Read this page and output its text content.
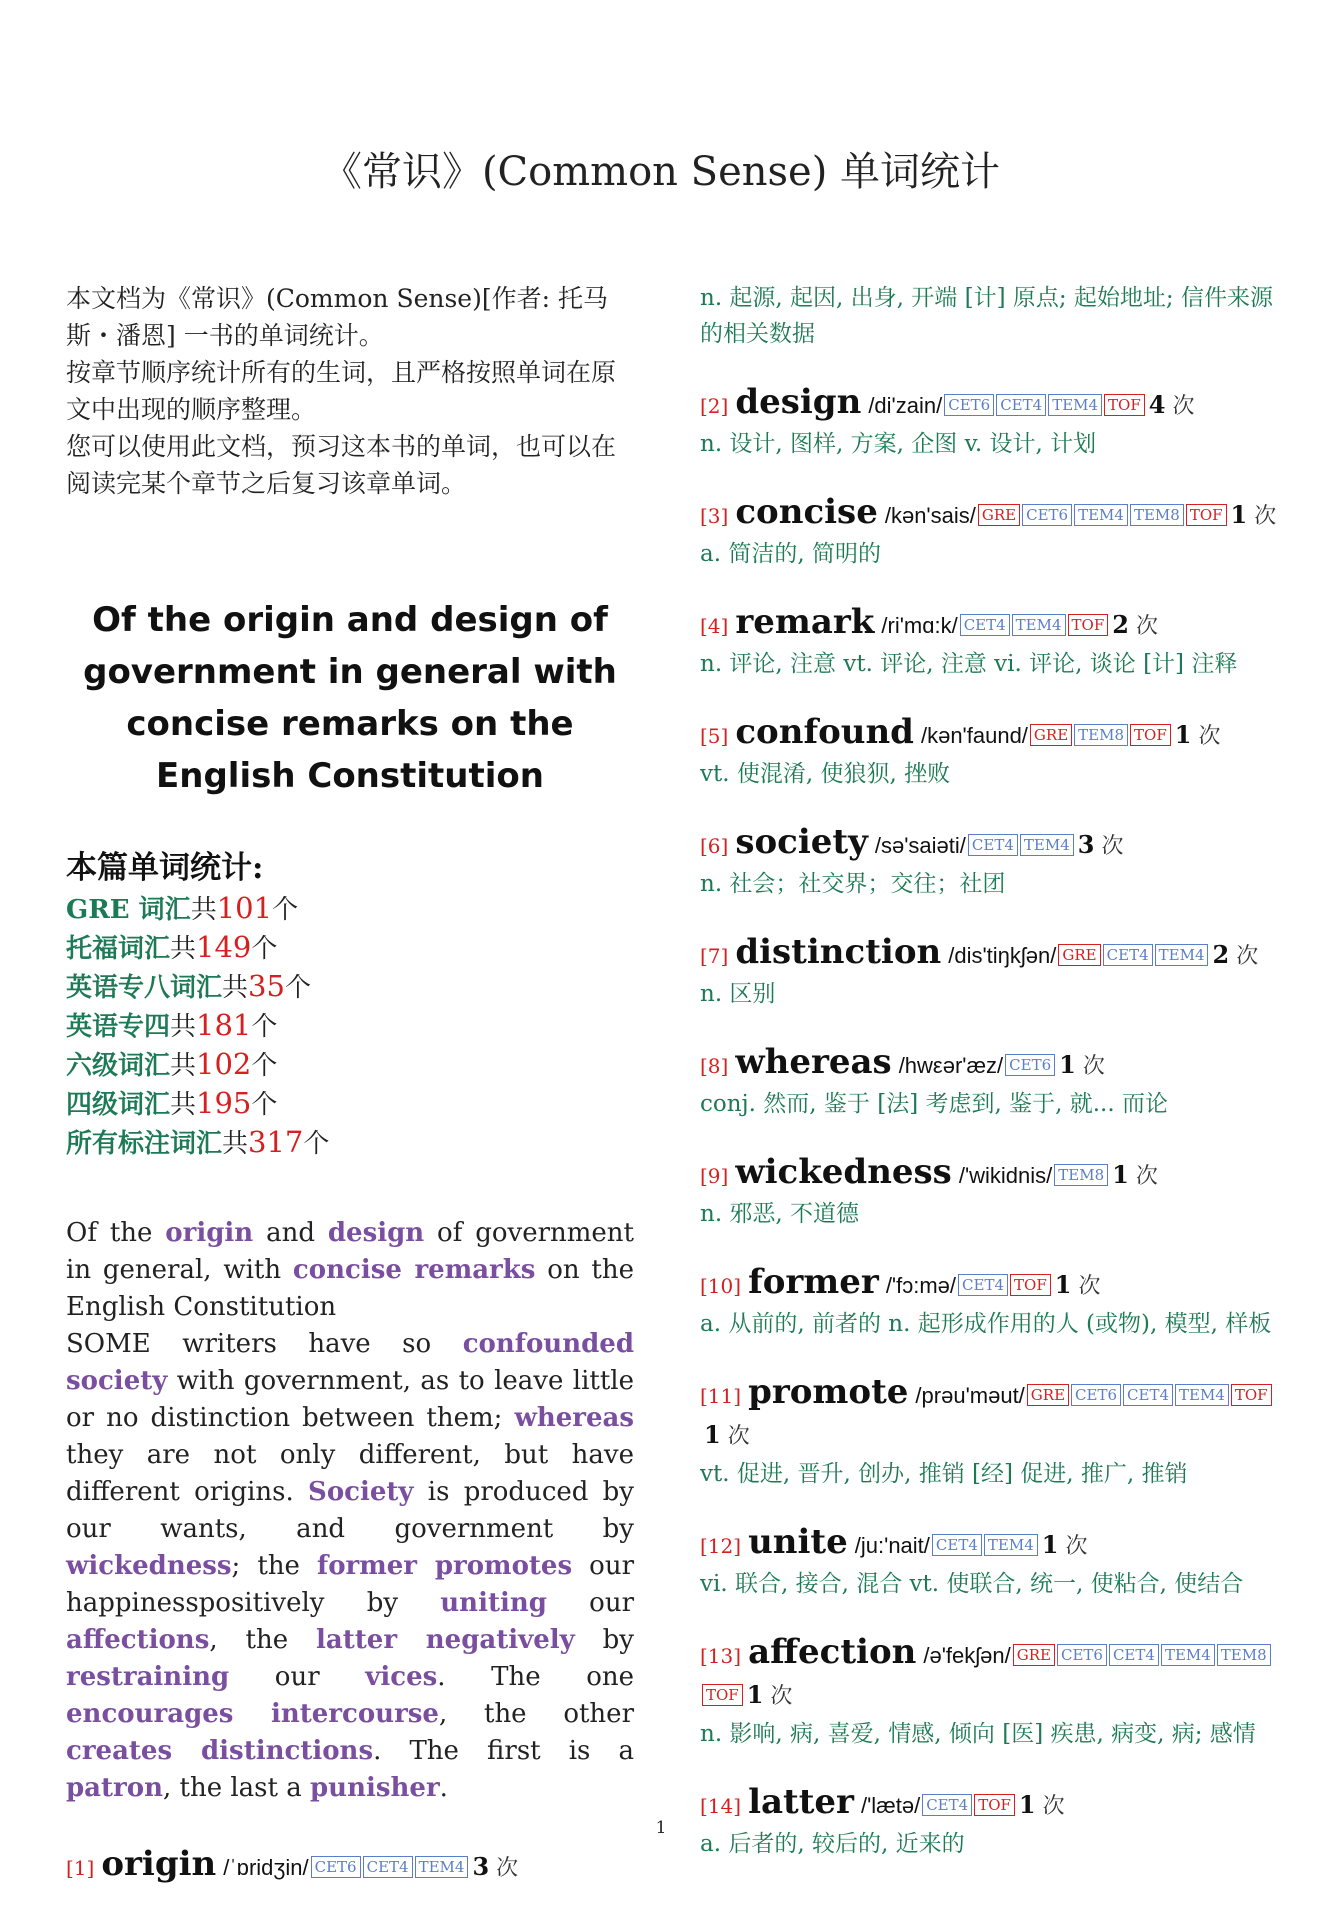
《常识》(Common Sense) 单词统计

本文档为《常识》(Common Sense)[作者: 托马斯・潘恩] 一书的单词统计。

按章节顺序统计所有的生词，且严格按照单词在原文中出现的顺序整理。

您可以使用此文档，预习这本书的单词，也可以在阅读完某个章节之后复习该章单词。

Of the origin and design of government in general with concise remarks on the English Constitution
本篇单词统计:
GRE 词汇共101个
托福词汇共149个
英语专八词汇共35个
英语专四共181个
六级词汇共102个
四级词汇共195个
所有标注词汇共317个
Of the origin and design of government in general, with concise remarks on the English Constitution
SOME writers have so confounded society with government, as to leave little or no distinction between them; whereas they are not only different, but have different origins. Society is produced by our wants, and government by wickedness; the former promotes our happinesspositively by uniting our affections, the latter negatively by restraining our vices. The one encourages intercourse, the other creates distinctions. The first is a patron, the last a punisher.
[1] origin /ˈɒridʒin/ CET6 CET4 TEM4 3 次
n. 起源, 起因, 出身, 开端 [计] 原点; 起始地址; 信件来源的相关数据
[2] design /di'zain/ CET6 CET4 TEM4 TOF 4 次
n. 设计, 图样, 方案, 企图 v. 设计, 计划
[3] concise /kən'sais/ GRE CET6 TEM4 TEM8 TOF 1 次
a. 简洁的, 简明的
[4] remark /ri'mɑ:k/ CET4 TEM4 TOF 2 次
n. 评论, 注意 vt. 评论, 注意 vi. 评论, 谈论 [计] 注释
[5] confound /kən'faund/ GRE TEM8 TOF 1 次
vt. 使混淆, 使狼狈, 挫败
[6] society /sə'saiəti/ CET4 TEM4 3 次
n. 社会；社交界；交往；社团
[7] distinction /dis'tiŋkʃən/ GRE CET4 TEM4 2 次
n. 区别
[8] whereas /hwεər'æz/ CET6 1 次
conj. 然而, 鉴于 [法] 考虑到, 鉴于, 就... 而论
[9] wickedness /'wikidnis/ TEM8 1 次
n. 邪恶, 不道德
[10] former /'fɔ:mə/ CET4 TOF 1 次
a. 从前的, 前者的 n. 起形成作用的人 (或物), 模型, 样板
[11] promote /prəu'məut/ GRE CET6 CET4 TEM4 TOF1 次
vt. 促进, 晋升, 创办, 推销 [经] 促进, 推广, 推销
[12] unite /ju:'nait/ CET4 TEM4 1 次
vi. 联合, 接合, 混合 vt. 使联合, 统一, 使粘合, 使结合
[13] affection /ə'fekʃən/ GRE CET6 CET4 TEM4 TEM8TOF 1 次
n. 影响, 病, 喜爱, 情感, 倾向 [医] 疾患, 病变, 病; 感情
[14] latter /'lætə/ CET4 TOF 1 次
a. 后者的, 较后的, 近来的
1
